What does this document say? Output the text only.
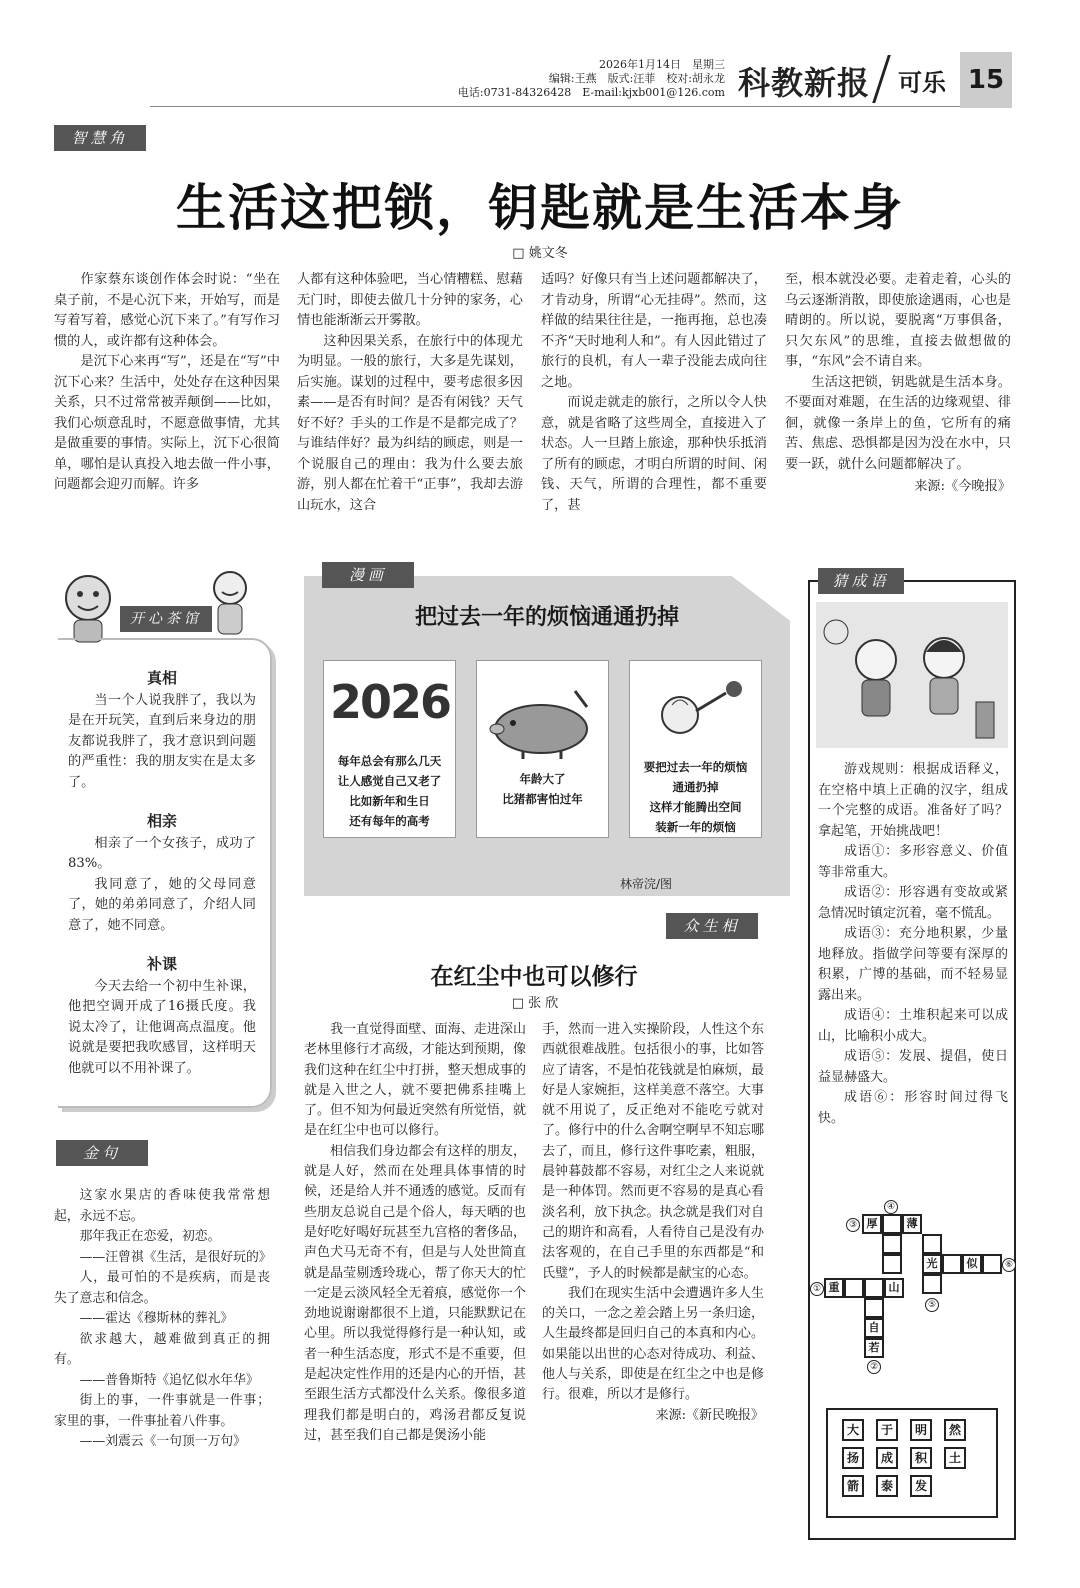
2026年1月14日　星期三
编辑:王燕　版式:汪菲　校对:胡永龙
电话:0731-84326428　E-mail:kjxb001@126.com 科教新报 可乐 15
智慧角
生活这把锁，钥匙就是生活本身
□ 姚文冬

作家蔡东谈创作体会时说：“坐在桌子前，不是心沉下来，开始写，而是写着写着，感觉心沉下来了。”有写作习惯的人，或许都有这种体会。

是沉下心来再“写”，还是在“写”中沉下心来？生活中，处处存在这种因果关系，只不过常常被弄颠倒——比如，我们心烦意乱时，不愿意做事情，尤其是做重要的事情。实际上，沉下心很简单，哪怕是认真投入地去做一件小事，问题都会迎刃而解。许多

人都有这种体验吧，当心情糟糕、慰藉无门时，即使去做几十分钟的家务，心情也能渐渐云开雾散。

这种因果关系，在旅行中的体现尤为明显。一般的旅行，大多是先谋划，后实施。谋划的过程中，要考虑很多因素——是否有时间？是否有闲钱？天气好不好？手头的工作是不是都完成了？与谁结伴好？最为纠结的顾虑，则是一个说服自己的理由：我为什么要去旅游，别人都在忙着干“正事”，我却去游山玩水，这合

适吗？好像只有当上述问题都解决了，才肯动身，所谓“心无挂碍”。然而，这样做的结果往往是，一拖再拖，总也凑不齐“天时地利人和”。有人因此错过了旅行的良机，有人一辈子没能去成向往之地。

而说走就走的旅行，之所以令人快意，就是省略了这些周全，直接进入了状态。人一旦踏上旅途，那种快乐抵消了所有的顾虑，才明白所谓的时间、闲钱、天气，所谓的合理性，都不重要了，甚

至，根本就没必要。走着走着，心头的乌云逐渐消散，即使旅途遇雨，心也是晴朗的。所以说，要脱离“万事俱备，只欠东风”的思维，直接去做想做的事，“东风”会不请自来。

生活这把锁，钥匙就是生活本身。不要面对难题，在生活的边缘观望、徘徊，就像一条岸上的鱼，它所有的痛苦、焦虑、恐惧都是因为没在水中，只要一跃，就什么问题都解决了。

来源:《今晚报》
开心茶馆
真相

当一个人说我胖了，我以为是在开玩笑，直到后来身边的朋友都说我胖了，我才意识到问题的严重性：我的朋友实在是太多了。

相亲

相亲了一个女孩子，成功了83%。

我同意了，她的父母同意了，她的弟弟同意了，介绍人同意了，她不同意。

补课

今天去给一个初中生补课，他把空调开成了16摄氏度。我说太冷了，让他调高点温度。他说就是要把我吹感冒，这样明天他就可以不用补课了。

金句

这家水果店的香味使我常常想起，永远不忘。

那年我正在恋爱，初恋。

——汪曾祺《生活，是很好玩的》

人，最可怕的不是疾病，而是丧失了意志和信念。

——霍达《穆斯林的葬礼》

欲求越大，越难做到真正的拥有。

——普鲁斯特《追忆似水年华》

街上的事，一件事就是一件事；家里的事，一件事扯着八件事。

——刘震云《一句顶一万句》

漫画
把过去一年的烦恼通通扔掉
2026
每年总会有那么几天
让人感觉自己又老了
比如新年和生日
还有每年的高考
年龄大了
比猪都害怕过年
要把过去一年的烦恼
通通扔掉
这样才能腾出空间
装新一年的烦恼
林帝浣/图
众生相
在红尘中也可以修行
□ 张 欣

我一直觉得面壁、面海、走进深山老林里修行才高级，才能达到预期，像我们这种在红尘中打拼，整天想成事的就是入世之人，就不要把佛系挂嘴上了。但不知为何最近突然有所觉悟，就是在红尘中也可以修行。

相信我们身边都会有这样的朋友，就是人好，然而在处理具体事情的时候，还是给人并不通透的感觉。反而有些朋友总说自己是个俗人，每天晒的也是好吃好喝好玩甚至九宫格的奢侈品，声色犬马无奇不有，但是与人处世简直就是晶莹剔透玲珑心，帮了你天大的忙一定是云淡风轻全无着痕，感觉你一个劲地说谢谢都很不上道，只能默默记在心里。所以我觉得修行是一种认知，或者一种生活态度，形式不是不重要，但是起决定性作用的还是内心的开悟，甚至跟生活方式都没什么关系。像很多道理我们都是明白的，鸡汤君都反复说过，甚至我们自己都是煲汤小能

手，然而一进入实操阶段，人性这个东西就很难战胜。包括很小的事，比如答应了请客，不是怕花钱就是怕麻烦，最好是人家婉拒，这样美意不落空。大事就不用说了，反正绝对不能吃亏就对了。修行中的什么舍啊空啊早不知忘哪去了，而且，修行这件事吃素，粗服，晨钟暮鼓都不容易，对红尘之人来说就是一种体罚。然而更不容易的是真心看淡名利，放下执念。执念就是我们对自己的期许和高看，人看待自己是没有办法客观的，在自己手里的东西都是“和氏璧”，予人的时候都是献宝的心态。

我们在现实生活中会遭遇许多人生的关口，一念之差会踏上另一条归途，人生最终都是回归自己的本真和内心。如果能以出世的心态对待成功、利益、他人与关系，即使是在红尘之中也是修行。很难，所以才是修行。

来源:《新民晚报》
猜成语

游戏规则：根据成语释义，在空格中填上正确的汉字，组成一个完整的成语。准备好了吗？拿起笔，开始挑战吧！

成语①：多形容意义、价值等非常重大。

成语②：形容遇有变故或紧急情况时镇定沉着，毫不慌乱。

成语③：充分地积累，少量地释放。指做学问等要有深厚的积累，广博的基础，而不轻易显露出来。

成语④：土堆积起来可以成山，比喻积小成大。

成语⑤：发展、提倡，使日益显赫盛大。

成语⑥：形容时间过得飞快。

③ 厚	薄
④
光	似	⑥
① 重	山
⑤
自
若
②
大 于 明 然
扬 成 积 土
箭 泰 发
